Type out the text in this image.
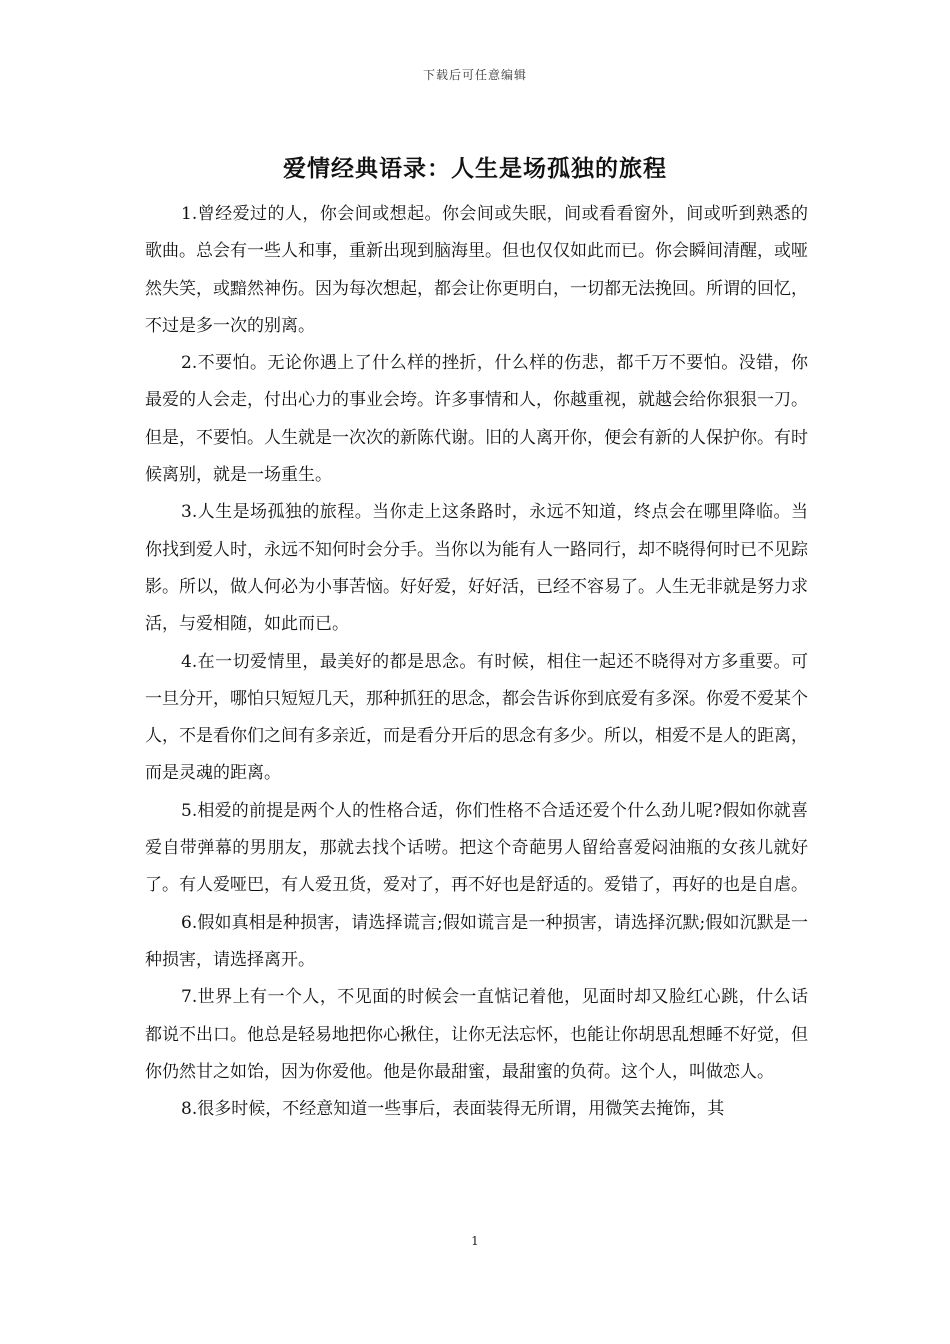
下载后可任意编辑
爱情经典语录：人生是场孤独的旅程

1.曾经爱过的人，你会间或想起。你会间或失眠，间或看看窗外，间或听到熟悉的歌曲。总会有一些人和事，重新出现到脑海里。但也仅仅如此而已。你会瞬间清醒，或哑然失笑，或黯然神伤。因为每次想起，都会让你更明白，一切都无法挽回。所谓的回忆，不过是多一次的别离。

2.不要怕。无论你遇上了什么样的挫折，什么样的伤悲，都千万不要怕。没错，你最爱的人会走，付出心力的事业会垮。许多事情和人，你越重视，就越会给你狠狠一刀。但是，不要怕。人生就是一次次的新陈代谢。旧的人离开你，便会有新的人保护你。有时候离别，就是一场重生。

3.人生是场孤独的旅程。当你走上这条路时，永远不知道，终点会在哪里降临。当你找到爱人时，永远不知何时会分手。当你以为能有人一路同行，却不晓得何时已不见踪影。所以，做人何必为小事苦恼。好好爱，好好活，已经不容易了。人生无非就是努力求活，与爱相随，如此而已。

4.在一切爱情里，最美好的都是思念。有时候，相住一起还不晓得对方多重要。可一旦分开，哪怕只短短几天，那种抓狂的思念，都会告诉你到底爱有多深。你爱不爱某个人，不是看你们之间有多亲近，而是看分开后的思念有多少。所以，相爱不是人的距离，而是灵魂的距离。

5.相爱的前提是两个人的性格合适，你们性格不合适还爱个什么劲儿呢?假如你就喜爱自带弹幕的男朋友，那就去找个话唠。把这个奇葩男人留给喜爱闷油瓶的女孩儿就好了。有人爱哑巴，有人爱丑货，爱对了，再不好也是舒适的。爱错了，再好的也是自虐。

6.假如真相是种损害，请选择谎言;假如谎言是一种损害，请选择沉默;假如沉默是一种损害，请选择离开。

7.世界上有一个人，不见面的时候会一直惦记着他，见面时却又脸红心跳，什么话都说不出口。他总是轻易地把你心揪住，让你无法忘怀，也能让你胡思乱想睡不好觉，但你仍然甘之如饴，因为你爱他。他是你最甜蜜，最甜蜜的负荷。这个人，叫做恋人。

8.很多时候，不经意知道一些事后，表面装得无所谓，用微笑去掩饰，其

1
